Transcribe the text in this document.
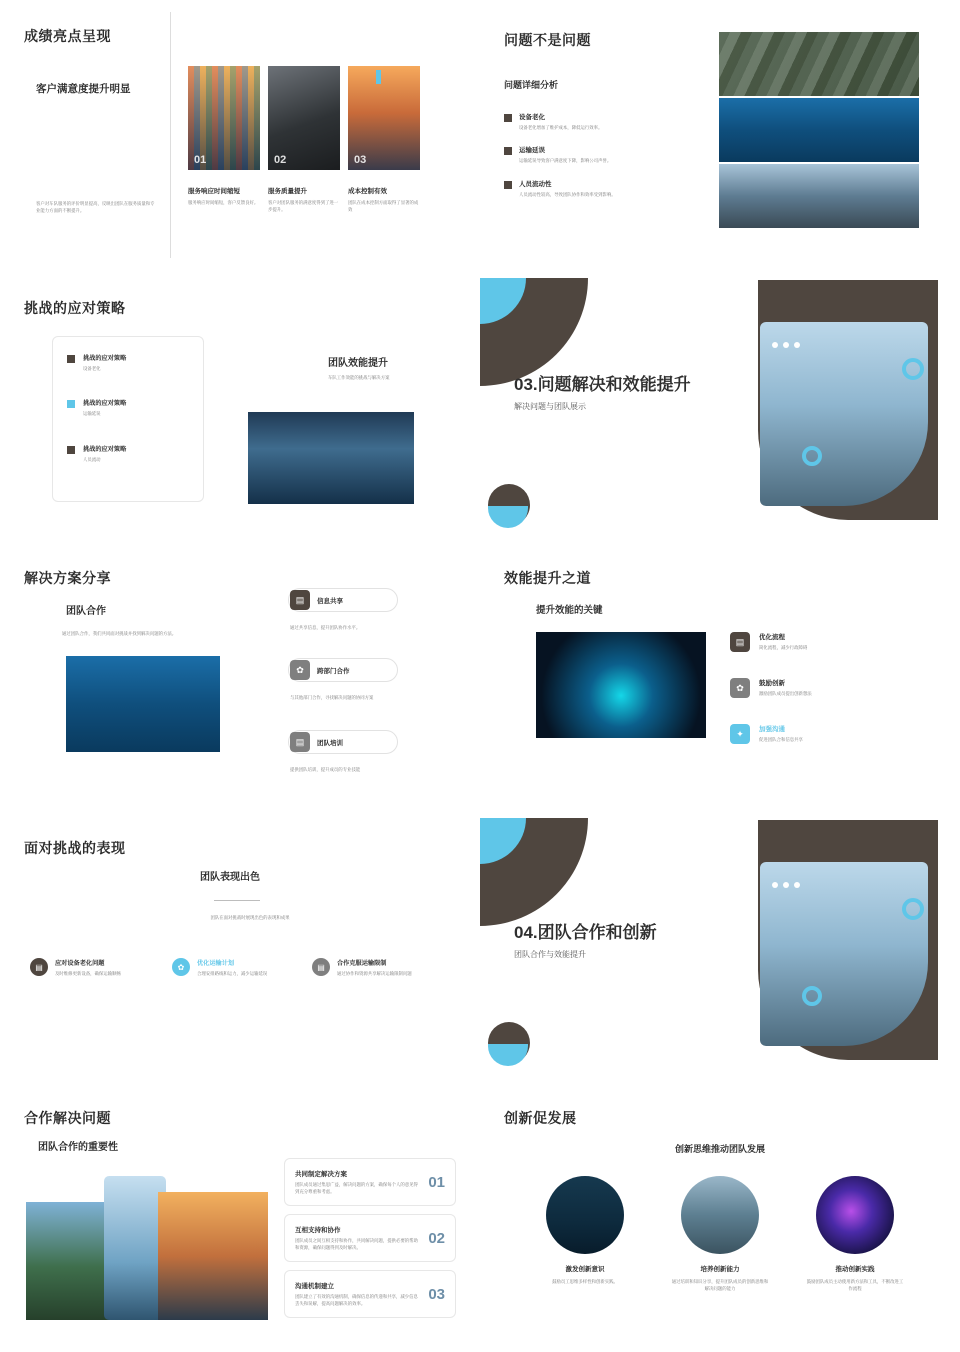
成绩亮点呈现
客户满意度提升明显
客户对车队服务的评价明显提高，反映出团队在服务质量和专业能力方面的不断提升。
01	02	03
服务响应时间缩短
服务响应时间缩短，客户反馈良好。
服务质量提升
客户对团队服务的满意度得到了进一步提升。
成本控制有效
团队在成本控制方面取得了显著的成效
问题不是问题
问题详细分析
设备老化
设备老化增加了维护成本，降低运行效率。
运输延误
运输延误导致客户满意度下降，影响公司声誉。
人员流动性
人员流动性较高，导致团队协作和效率受到影响。
挑战的应对策略
挑战的应对策略
设备老化
挑战的应对策略
运输延误
挑战的应对策略
人员流动
团队效能提升
车队工作效能的挑战与解决方案	03.问题解决和效能提升
解决问题与团队展示
解决方案分享
团队合作
通过团队合作，我们共同面对挑战并找到解决问题的方法。
▤	信息共享
通过共享信息，提升团队协作水平。
✿	跨部门合作
与其他部门合作，寻找解决问题的协同方案
▤	团队培训
提供团队培训，提升成员的专业技能
效能提升之道
提升效能的关键
▤	优化流程
简化流程，减少行政障碍
✿	鼓励创新
激励团队成员提出创新想法
✦	加强沟通
促进团队合和信息共享
面对挑战的表现
团队表现出色
团队在面对挑战时展现出色的表现和成果
▤	应对设备老化问题
及时维修更新设备，确保运输顺畅
✿	优化运输计划
合理安排路线和运力，减少运输延误
▤	合作克服运输限制
通过协作和资源共享解决运输限制问题
04.团队合作和创新
团队合作与效能提升
合作解决问题
团队合作的重要性
共同制定解决方案
团队成员通过集思广益，解决问题的方案，确保每个人的意见得到充分尊重和考虑。
01
互相支持和协作
团队成员之间互相支持和协作，共同解决问题，提供必要的帮助和资源，确保问题得到及时解决。
02
沟通机制建立
团队建立了有效的沟通机制，确保信息的传递和共享，减少信息丢失和误解，提高问题解决的效率。
03
创新促发展
创新思维推动团队发展
激发创新意识
鼓励员工思维多样性和创新实践。
培养创新能力
通过培训和知识分享，提升团队成员的创新思维和解决问题的能力
推动创新实践
鼓励团队成员主动使用新方法和工具，不断改进工作流程
